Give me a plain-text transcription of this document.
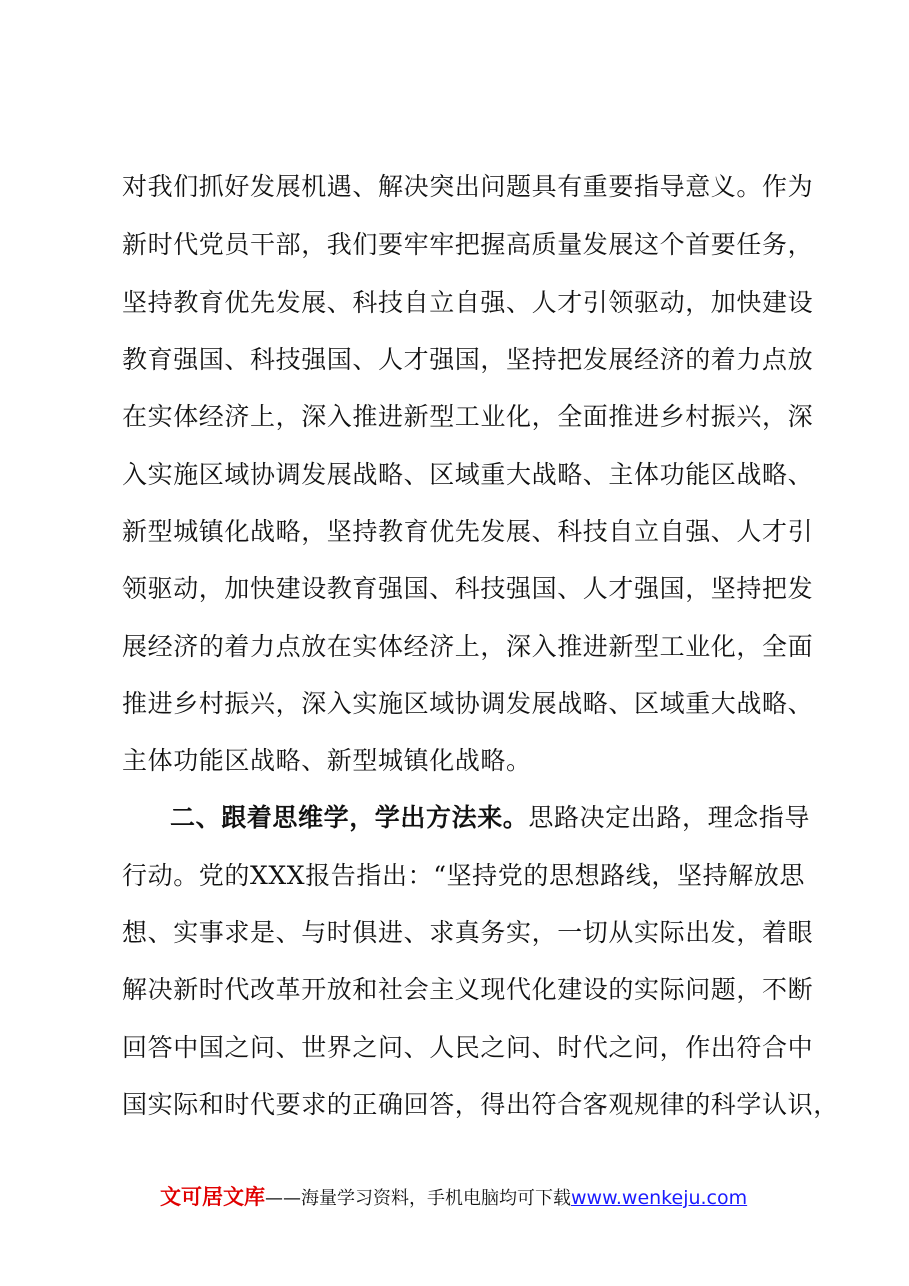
对我们抓好发展机遇、解决突出问题具有重要指导意义。作为
新时代党员干部，我们要牢牢把握高质量发展这个首要任务，
坚持教育优先发展、科技自立自强、人才引领驱动，加快建设
教育强国、科技强国、人才强国，坚持把发展经济的着力点放
在实体经济上，深入推进新型工业化，全面推进乡村振兴，深
入实施区域协调发展战略、区域重大战略、主体功能区战略、
新型城镇化战略，坚持教育优先发展、科技自立自强、人才引
领驱动，加快建设教育强国、科技强国、人才强国，坚持把发
展经济的着力点放在实体经济上，深入推进新型工业化，全面
推进乡村振兴，深入实施区域协调发展战略、区域重大战略、
主体功能区战略、新型城镇化战略。
二、跟着思维学，学出方法来。思路决定出路，理念指导
行动。党的XXX报告指出：“坚持党的思想路线，坚持解放思
想、实事求是、与时俱进、求真务实，一切从实际出发，着眼
解决新时代改革开放和社会主义现代化建设的实际问题，不断
回答中国之问、世界之问、人民之问、时代之问，作出符合中
国实际和时代要求的正确回答，得出符合客观规律的科学认识，
文可居文库——海量学习资料，手机电脑均可下载www.wenkeju.com
